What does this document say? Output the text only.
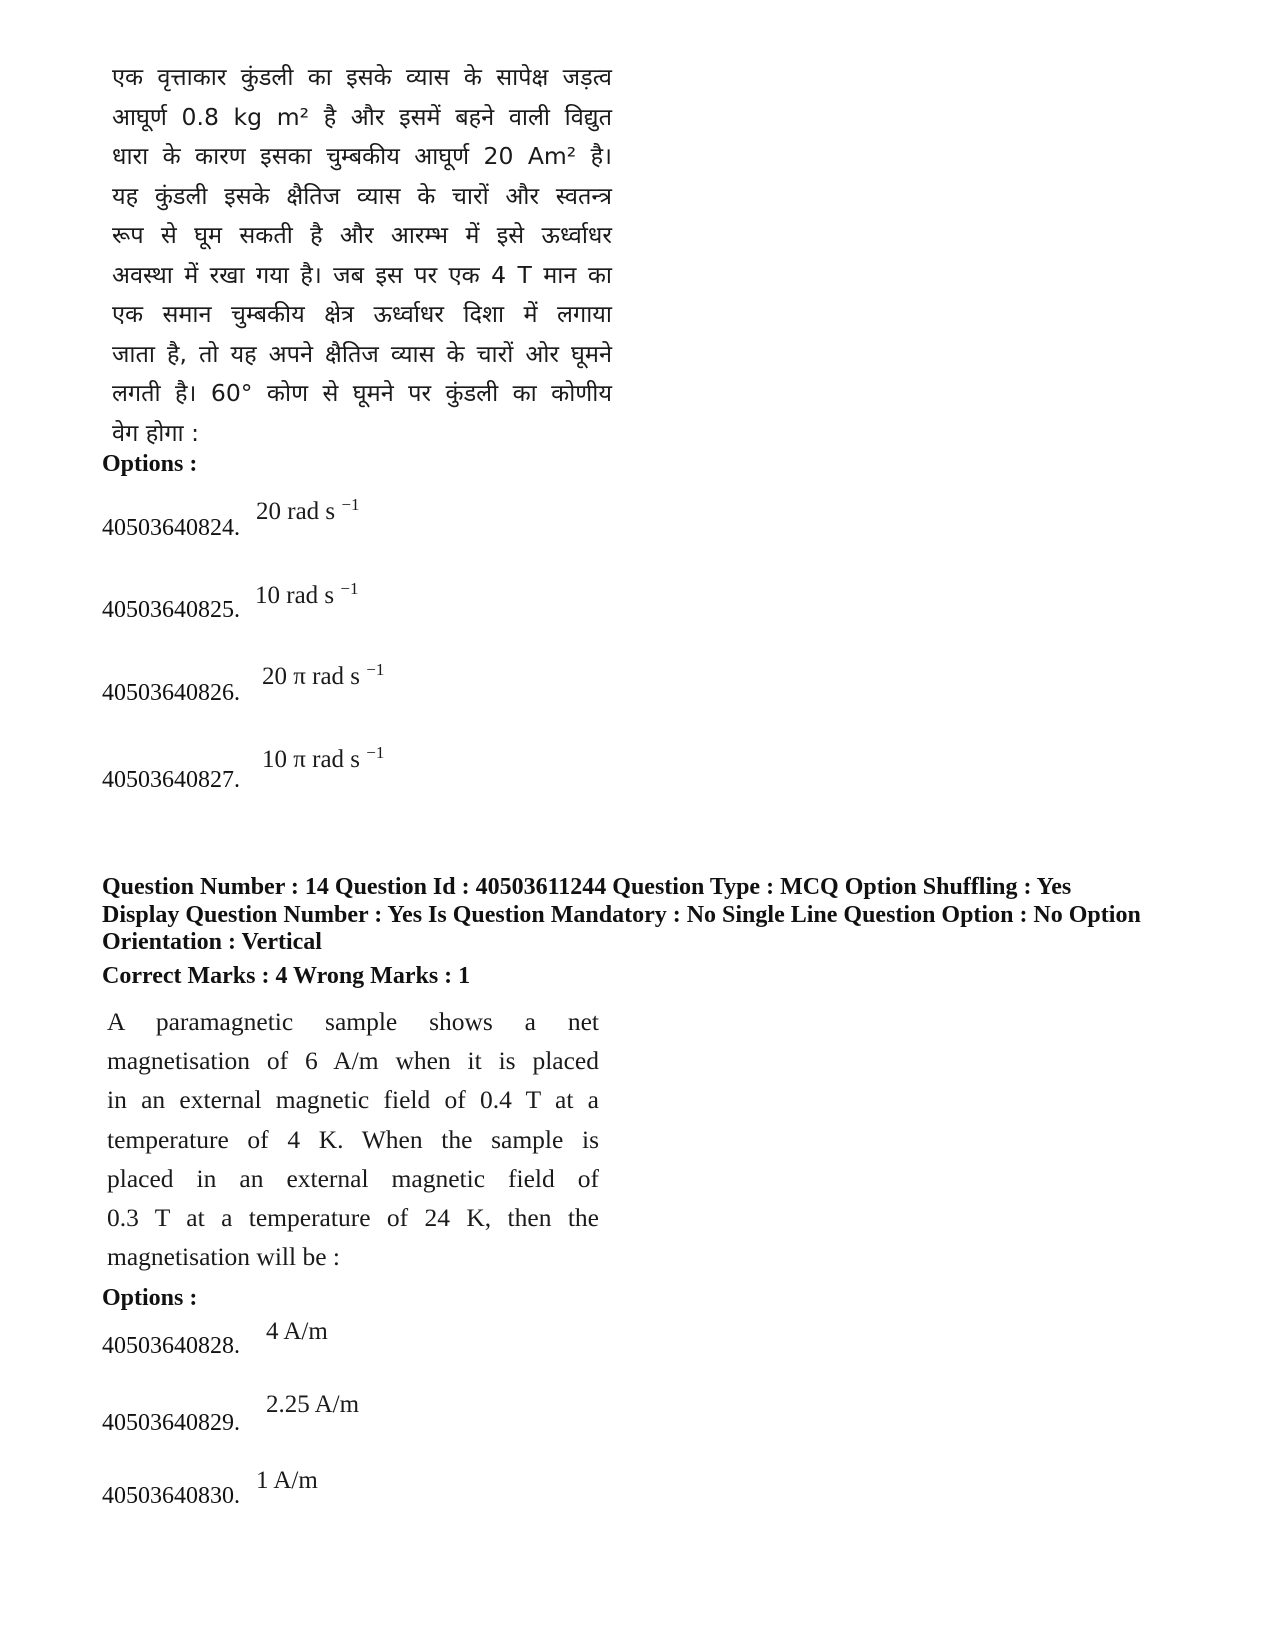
एक वृत्ताकार कुंडली का इसके व्यास के सापेक्ष जड़त्व
आघूर्ण 0.8 kg m² है और इसमें बहने वाली विद्युत
धारा के कारण इसका चुम्बकीय आघूर्ण 20 Am² है।
यह कुंडली इसके क्षैतिज व्यास के चारों और स्वतन्त्र
रूप से घूम सकती है और आरम्भ में इसे ऊर्ध्वाधर
अवस्था में रखा गया है। जब इस पर एक 4 T मान का
एक समान चुम्बकीय क्षेत्र ऊर्ध्वाधर दिशा में लगाया
जाता है, तो यह अपने क्षैतिज व्यास के चारों ओर घूमने
लगती है। 60° कोण से घूमने पर कुंडली का कोणीय
वेग होगा :
Options :
40503640824.
20 rad s $^{-1}$
40503640825.
10 rad s $^{-1}$
40503640826.
20 π rad s $^{-1}$
40503640827.
10 π rad s $^{-1}$
Question Number : 14 Question Id : 40503611244 Question Type : MCQ Option Shuffling : Yes
Display Question Number : Yes Is Question Mandatory : No Single Line Question Option : No Option
Orientation : Vertical
Correct Marks : 4 Wrong Marks : 1
A paramagnetic sample shows a net
magnetisation of 6 A/m when it is placed
in an external magnetic field of 0.4 T at a
temperature of 4 K. When the sample is
placed in an external magnetic field of
0.3 T at a temperature of 24 K, then the
magnetisation will be :
Options :
40503640828.
4 A/m
40503640829.
2.25 A/m
40503640830.
1 A/m
